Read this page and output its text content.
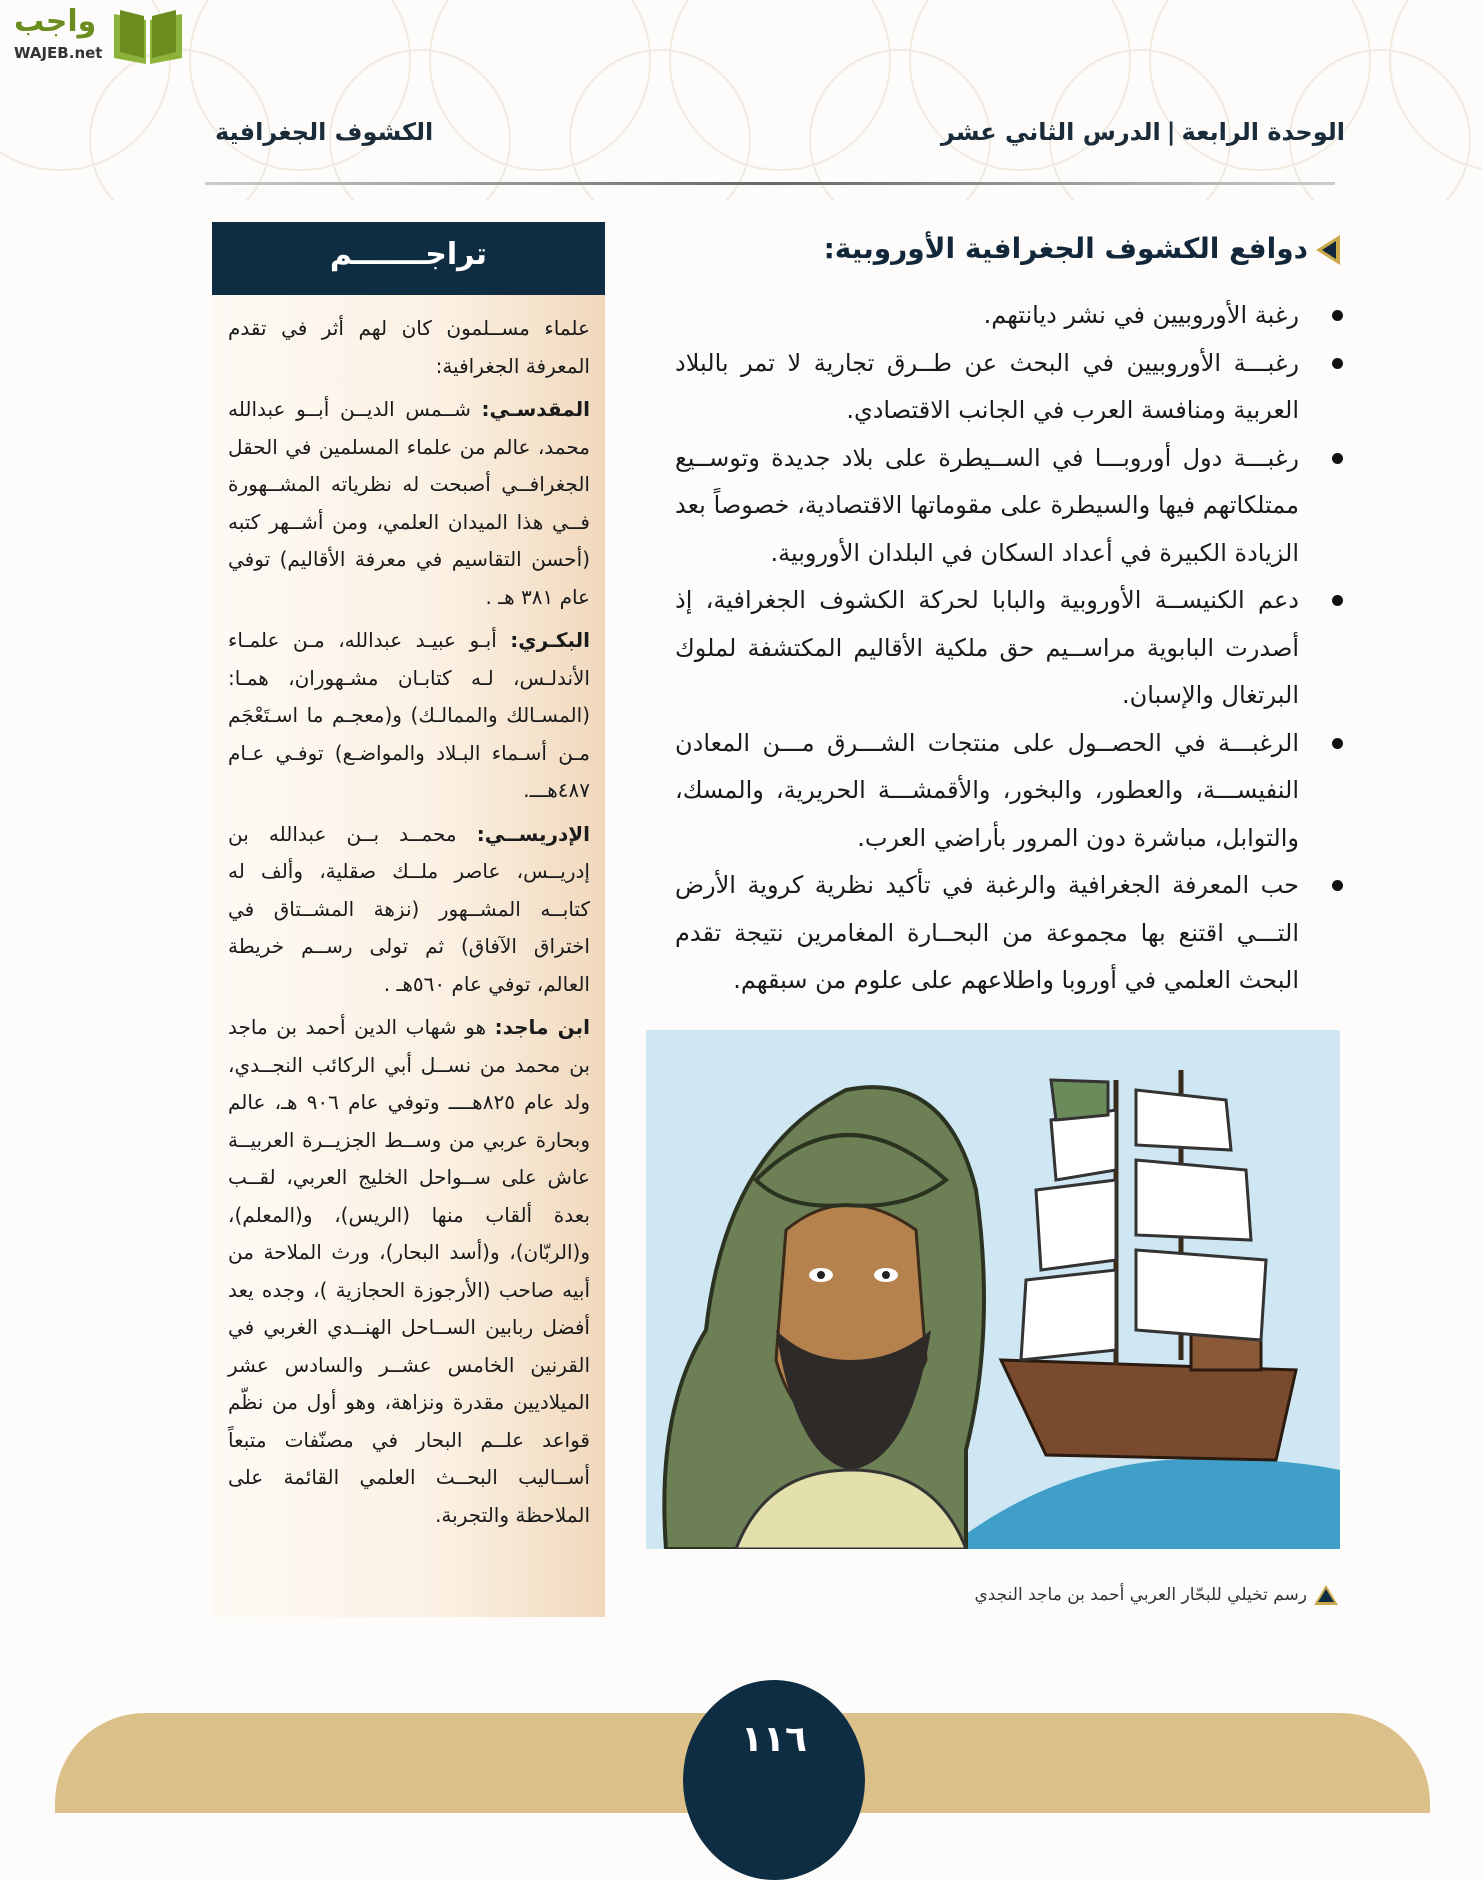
واجب
WAJEB.net
الوحدة الرابعة|الدرس الثاني عشر
الكشوف الجغرافية
تراجـــــــم

علماء مســلمون كان لهم أثر في تقدم المعرفة الجغرافية:

المقدسـي: شــمس الديــن أبــو عبدالله محمد، عالم من علماء المسلمين في الحقل الجغرافــي أصبحت له نظرياته المشــهورة فــي هذا الميدان العلمي، ومن أشــهر كتبه (أحسن التقاسيم في معرفة الأقاليم) توفي عام ٣٨١ هـ .

البكـري: أبـو عبيـد عبدالله، مـن علمـاء الأندلـس، لـه كتابـان مشـهوران، همـا: (المسـالك والممالـك) و(معجـم ما اسـتَعْجَم مـن أسـماء البـلاد والمواضـع) توفـي عـام ٤٨٧هـــ.

الإدريســي: محمــد بــن عبدالله بن إدريــس، عاصر ملــك صقلية، وألف له كتابــه المشــهور (نزهة المشــتاق في اختراق الآفاق) ثم تولى رســم خريطة العالم، توفي عام ٥٦٠هـ .

ابن ماجد: هو شهاب الدين أحمد بن ماجد بن محمد من نســل أبي الركائب النجــدي، ولد عام ٨٢٥هــــ وتوفي عام ٩٠٦ هـ، عالم وبحارة عربي من وســط الجزيــرة العربيــة عاش على ســواحل الخليج العربي، لقــب بعدة ألقاب منها (الريس)، و(المعلم)، و(الربّان)، و(أسد البحار)، ورث الملاحة من أبيه صاحب (الأرجوزة الحجازية )، وجده يعد أفضل ربابين الســاحل الهنــدي الغربي في القرنين الخامس عشــر والسادس عشر الميلاديين مقدرة ونزاهة، وهو أول من نظّم قواعد علــم البحار في مصنّفات متبعاً أســاليب البحــث العلمي القائمة على الملاحظة والتجربة.

دوافع الكشوف الجغرافية الأوروبية:
رغبة الأوروبيين في نشر ديانتهم.
رغبـــة الأوروبيين في البحث عن طــرق تجارية لا تمر بالبلاد العربية ومنافسة العرب في الجانب الاقتصادي.
رغبـــة دول أوروبـــا في الســيطرة على بلاد جديدة وتوســيع ممتلكاتهم فيها والسيطرة على مقوماتها الاقتصادية، خصوصاً بعد الزيادة الكبيرة في أعداد السكان في البلدان الأوروبية.
دعم الكنيســة الأوروبية والبابا لحركة الكشوف الجغرافية، إذ أصدرت البابوية مراســيم حق ملكية الأقاليم المكتشفة لملوك البرتغال والإسبان.
الرغبـــة في الحصــول على منتجات الشـــرق مـــن المعادن النفيســـة، والعطور، والبخور، والأقمشـــة الحريرية، والمسك، والتوابل، مباشرة دون المرور بأراضي العرب.
حب المعرفة الجغرافية والرغبة في تأكيد نظرية كروية الأرض التـــي اقتنع بها مجموعة من البحــارة المغامرين نتيجة تقدم البحث العلمي في أوروبا واطلاعهم على علوم من سبقهم.
رسم تخيلي للبحّار العربي أحمد بن ماجد النجدي
١١٦
